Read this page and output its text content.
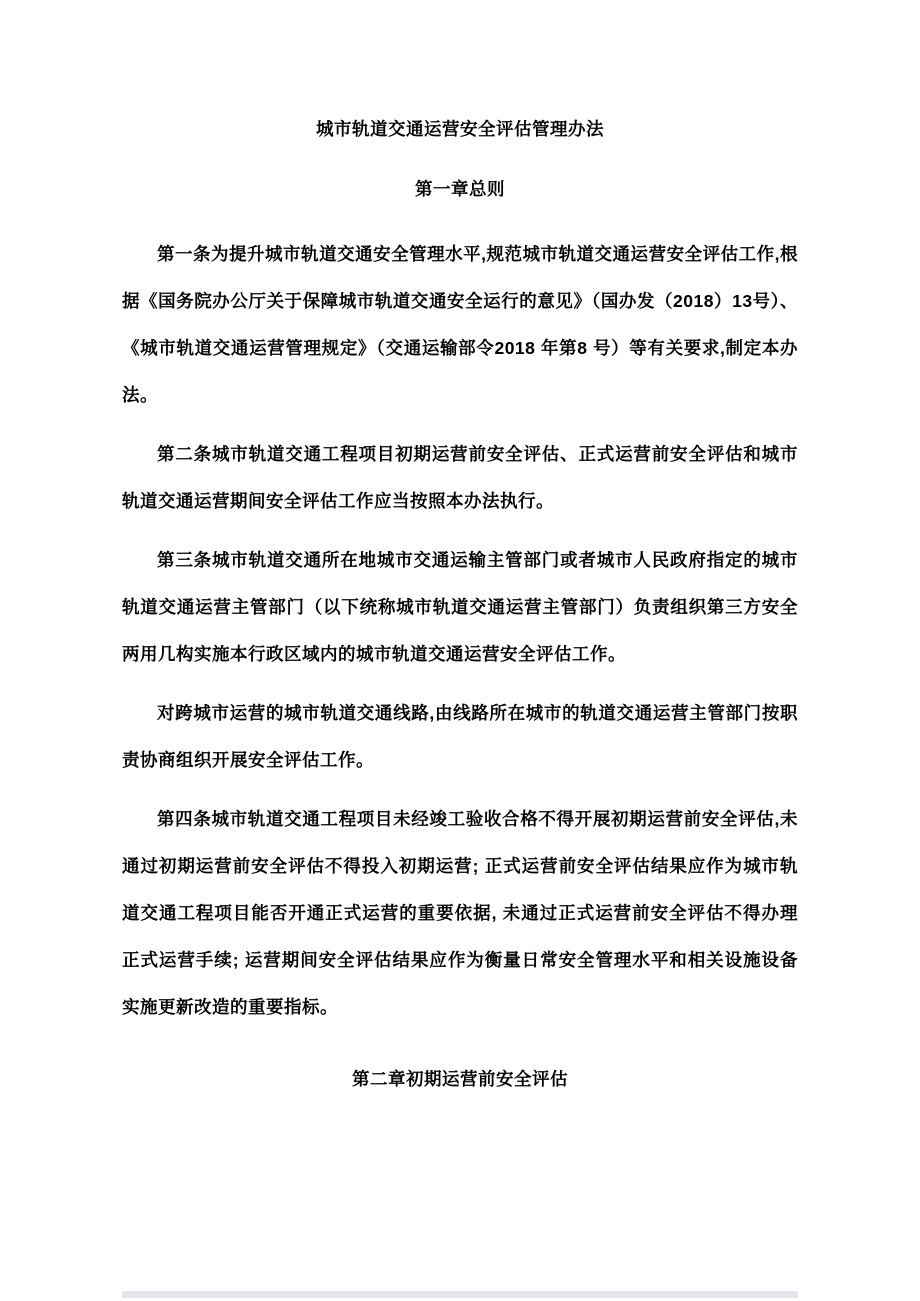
城市轨道交通运营安全评估管理办法
第一章总则

第一条为提升城市轨道交通安全管理水平,规范城市轨道交通运营安全评估工作,根据《国务院办公厅关于保障城市轨道交通安全运行的意见》（国办发（2018）13号）、《城市轨道交通运营管理规定》（交通运输部令2018 年第8 号）等有关要求,制定本办法。

第二条城市轨道交通工程项目初期运营前安全评估、正式运营前安全评估和城市轨道交通运营期间安全评估工作应当按照本办法执行。

第三条城市轨道交通所在地城市交通运输主管部门或者城市人民政府指定的城市轨道交通运营主管部门（以下统称城市轨道交通运营主管部门）负责组织第三方安全两用几构实施本行政区域内的城市轨道交通运营安全评估工作。

对跨城市运营的城市轨道交通线路,由线路所在城市的轨道交通运营主管部门按职责协商组织开展安全评估工作。

第四条城市轨道交通工程项目未经竣工验收合格不得开展初期运营前安全评估,未通过初期运营前安全评估不得投入初期运营; 正式运营前安全评估结果应作为城市轨道交通工程项目能否开通正式运营的重要依据, 未通过正式运营前安全评估不得办理正式运营手续; 运营期间安全评估结果应作为衡量日常安全管理水平和相关设施设备实施更新改造的重要指标。

第二章初期运营前安全评估
